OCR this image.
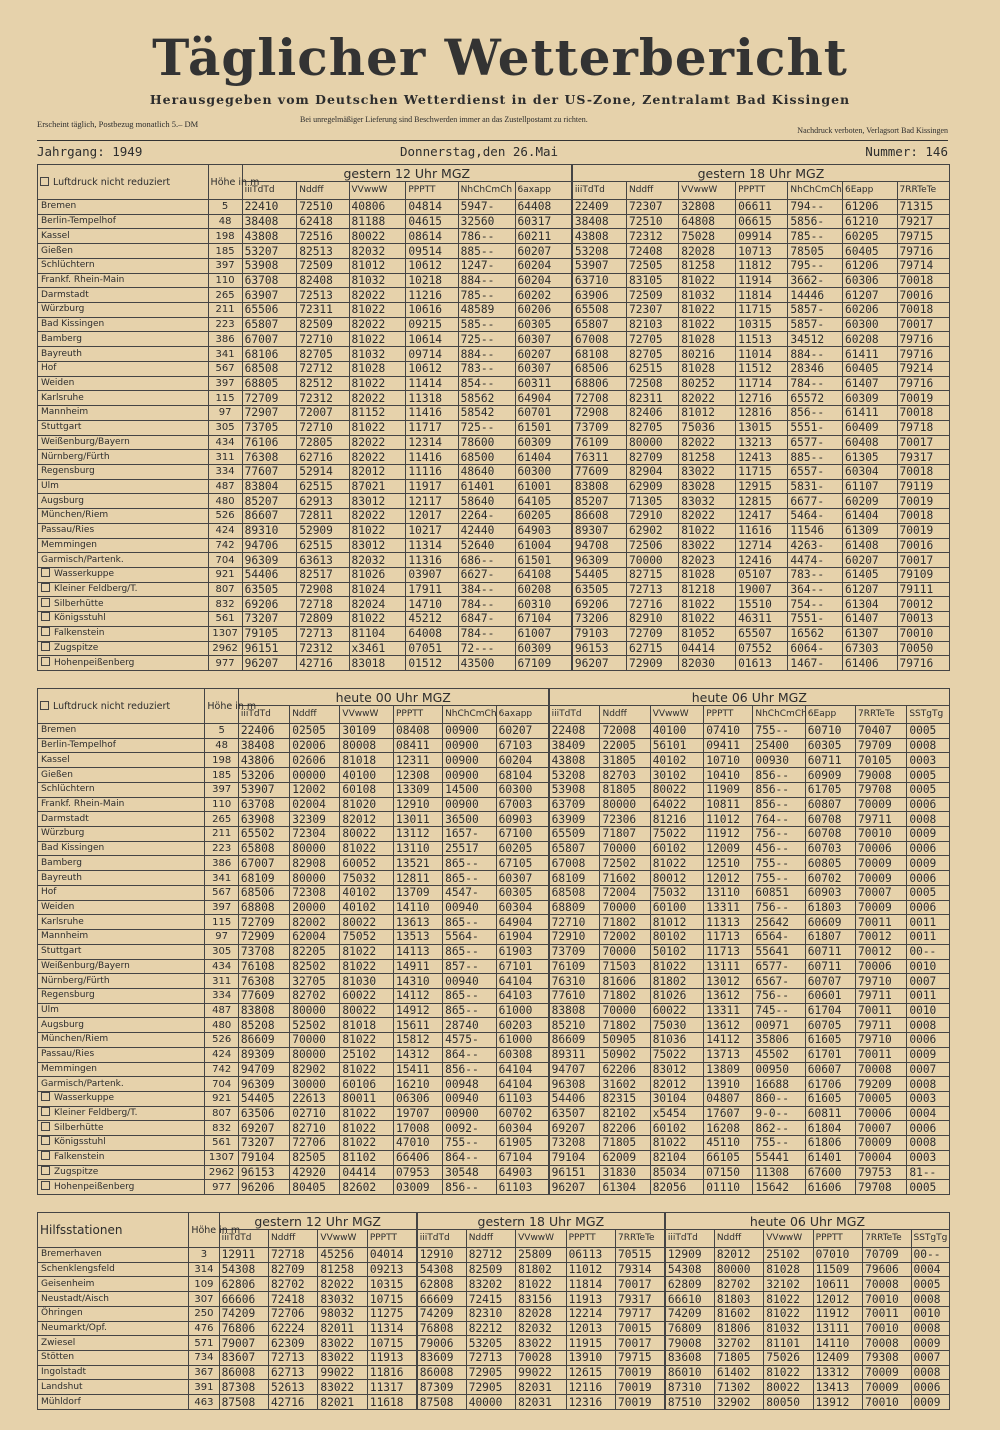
Täglicher Wetterbericht
Herausgegeben vom Deutschen Wetterdienst in der US-Zone, Zentralamt Bad Kissingen
Erscheint täglich, Postbezug monatlich 5.– DM	Bei unregelmäßiger Lieferung sind Beschwerden immer an das Zustellpostamt zu richten.
Nachdruck verboten, Verlagsort Bad Kissingen
Jahrgang: 1949	Donnerstag,den 26.Mai	Nummer: 146
Luftdruck nicht reduziert	Höhe in m	gestern 12 Uhr MGZ						gestern 18 Uhr MGZ						
		iiiTdTd	Nddff	VVwwW	PPPTT	NhChCmCh	6axapp	iiiTdTd	Nddff	VVwwW	PPPTT	NhChCmCh	6Eapp	7RRTeTe
Bremen	5	22410	72510	40806	04814	5947-	64408	22409	72307	32808	06611	794--	61206	71315
Berlin-Tempelhof	48	38408	62418	81188	04615	32560	60317	38408	72510	64808	06615	5856-	61210	79217
Kassel	198	43808	72516	80022	08614	786--	60211	43808	72312	75028	09914	785--	60205	79715
Gießen	185	53207	82513	82032	09514	885--	60207	53208	72408	82028	10713	78505	60405	79716
Schlüchtern	397	53908	72509	81012	10612	1247-	60204	53907	72505	81258	11812	795--	61206	79714
Frankf. Rhein-Main	110	63708	82408	81032	10218	884--	60204	63710	83105	81022	11914	3662-	60306	70018
Darmstadt	265	63907	72513	82022	11216	785--	60202	63906	72509	81032	11814	14446	61207	70016
Würzburg	211	65506	72311	81022	10616	48589	60206	65508	72307	81022	11715	5857-	60206	70018
Bad Kissingen	223	65807	82509	82022	09215	585--	60305	65807	82103	81022	10315	5857-	60300	70017
Bamberg	386	67007	72710	81022	10614	725--	60307	67008	72705	81028	11513	34512	60208	79716
Bayreuth	341	68106	82705	81032	09714	884--	60207	68108	82705	80216	11014	884--	61411	79716
Hof	567	68508	72712	81028	10612	783--	60307	68506	62515	81028	11512	28346	60405	79214
Weiden	397	68805	82512	81022	11414	854--	60311	68806	72508	80252	11714	784--	61407	79716
Karlsruhe	115	72709	72312	82022	11318	58562	64904	72708	82311	82022	12716	65572	60309	70019
Mannheim	97	72907	72007	81152	11416	58542	60701	72908	82406	81012	12816	856--	61411	70018
Stuttgart	305	73705	72710	81022	11717	725--	61501	73709	82705	75036	13015	5551-	60409	79718
Weißenburg/Bayern	434	76106	72805	82022	12314	78600	60309	76109	80000	82022	13213	6577-	60408	70017
Nürnberg/Fürth	311	76308	62716	82022	11416	68500	61404	76311	82709	81258	12413	885--	61305	79317
Regensburg	334	77607	52914	82012	11116	48640	60300	77609	82904	83022	11715	6557-	60304	70018
Ulm	487	83804	62515	87021	11917	61401	61001	83808	62909	83028	12915	5831-	61107	79119
Augsburg	480	85207	62913	83012	12117	58640	64105	85207	71305	83032	12815	6677-	60209	70019
München/Riem	526	86607	72811	82022	12017	2264-	60205	86608	72910	82022	12417	5464-	61404	70018
Passau/Ries	424	89310	52909	81022	10217	42440	64903	89307	62902	81022	11616	11546	61309	70019
Memmingen	742	94706	62515	83012	11314	52640	61004	94708	72506	83022	12714	4263-	61408	70016
Garmisch/Partenk.	704	96309	63613	82032	11316	686--	61501	96309	70000	82023	12416	4474-	60207	70017
Wasserkuppe	921	54406	82517	81026	03907	6627-	64108	54405	82715	81028	05107	783--	61405	79109
Kleiner Feldberg/T.	807	63505	72908	81024	17911	384--	60208	63505	72713	81218	19007	364--	61207	79111
Silberhütte	832	69206	72718	82024	14710	784--	60310	69206	72716	81022	15510	754--	61304	70012
Königsstuhl	561	73207	72809	81022	45212	6847-	67104	73206	82910	81022	46311	7551-	61407	70013
Falkenstein	1307	79105	72713	81104	64008	784--	61007	79103	72709	81052	65507	16562	61307	70010
Zugspitze	2962	96151	72312	x3461	07051	72---	60309	96153	62715	04414	07552	6064-	67303	70050
Hohenpeißenberg	977	96207	42716	83018	01512	43500	67109	96207	72909	82030	01613	1467-	61406	79716
Luftdruck nicht reduziert	Höhe in m	heute 00 Uhr MGZ						heute 06 Uhr MGZ							
		iiiTdTd	Nddff	VVwwW	PPPTT	NhChCmCh	6axapp	iiiTdTd	Nddff	VVwwW	PPPTT	NhChCmCh	6Eapp	7RRTeTe	SSTgTg
Bremen	5	22406	02505	30109	08408	00900	60207	22408	72008	40100	07410	755--	60710	70407	0005
Berlin-Tempelhof	48	38408	02006	80008	08411	00900	67103	38409	22005	56101	09411	25400	60305	79709	0008
Kassel	198	43806	02606	81018	12311	00900	60204	43808	31805	40102	10710	00930	60711	70105	0003
Gießen	185	53206	00000	40100	12308	00900	68104	53208	82703	30102	10410	856--	60909	79008	0005
Schlüchtern	397	53907	12002	60108	13309	14500	60300	53908	81805	80022	11909	856--	61705	79708	0005
Frankf. Rhein-Main	110	63708	02004	81020	12910	00900	67003	63709	80000	64022	10811	856--	60807	70009	0006
Darmstadt	265	63908	32309	82012	13011	36500	60903	63909	72306	81216	11012	764--	60708	79711	0008
Würzburg	211	65502	72304	80022	13112	1657-	67100	65509	71807	75022	11912	756--	60708	70010	0009
Bad Kissingen	223	65808	80000	81022	13110	25517	60205	65807	70000	60102	12009	456--	60703	70006	0006
Bamberg	386	67007	82908	60052	13521	865--	67105	67008	72502	81022	12510	755--	60805	70009	0009
Bayreuth	341	68109	80000	75032	12811	865--	60307	68109	71602	80012	12012	755--	60702	70009	0006
Hof	567	68506	72308	40102	13709	4547-	60305	68508	72004	75032	13110	60851	60903	70007	0005
Weiden	397	68808	20000	40102	14110	00940	60304	68809	70000	60100	13311	756--	61803	70009	0006
Karlsruhe	115	72709	82002	80022	13613	865--	64904	72710	71802	81012	11313	25642	60609	70011	0011
Mannheim	97	72909	62004	75052	13513	5564-	61904	72910	72002	80102	11713	6564-	61807	70012	0011
Stuttgart	305	73708	82205	81022	14113	865--	61903	73709	70000	50102	11713	55641	60711	70012	00--
Weißenburg/Bayern	434	76108	82502	81022	14911	857--	67101	76109	71503	81022	13111	6577-	60711	70006	0010
Nürnberg/Fürth	311	76308	32705	81030	14310	00940	64104	76310	81606	81802	13012	6567-	60707	79710	0007
Regensburg	334	77609	82702	60022	14112	865--	64103	77610	71802	81026	13612	756--	60601	79711	0011
Ulm	487	83808	80000	80022	14912	865--	61000	83808	70000	60022	13311	745--	61704	70011	0010
Augsburg	480	85208	52502	81018	15611	28740	60203	85210	71802	75030	13612	00971	60705	79711	0008
München/Riem	526	86609	70000	81022	15812	4575-	61000	86609	50905	81036	14112	35806	61605	79710	0006
Passau/Ries	424	89309	80000	25102	14312	864--	60308	89311	50902	75022	13713	45502	61701	70011	0009
Memmingen	742	94709	82902	81022	15411	856--	64104	94707	62206	83012	13809	00950	60607	70008	0007
Garmisch/Partenk.	704	96309	30000	60106	16210	00948	64104	96308	31602	82012	13910	16688	61706	79209	0008
Wasserkuppe	921	54405	22613	80011	06306	00940	61103	54406	82315	30104	04807	860--	61605	70005	0003
Kleiner Feldberg/T.	807	63506	02710	81022	19707	00900	60702	63507	82102	x5454	17607	9-0--	60811	70006	0004
Silberhütte	832	69207	82710	81022	17008	0092-	60304	69207	82206	60102	16208	862--	61804	70007	0006
Königsstuhl	561	73207	72706	81022	47010	755--	61905	73208	71805	81022	45110	755--	61806	70009	0008
Falkenstein	1307	79104	82505	81102	66406	864--	67104	79104	62009	82104	66105	55441	61401	70004	0003
Zugspitze	2962	96153	42920	04414	07953	30548	64903	96151	31830	85034	07150	11308	67600	79753	81--
Hohenpeißenberg	977	96206	80405	82602	03009	856--	61103	96207	61304	82056	01110	15642	61606	79708	0005
Hilfsstationen	Höhe in m	gestern 12 Uhr MGZ				gestern 18 Uhr MGZ					heute 06 Uhr MGZ					
		iiiTdTd	Nddff	VVwwW	PPPTT	iiiTdTd	Nddff	VVwwW	PPPTT	7RRTeTe	iiiTdTd	Nddff	VVwwW	PPPTT	7RRTeTe	SSTgTg
Bremerhaven	3	12911	72718	45256	04014	12910	82712	25809	06113	70515	12909	82012	25102	07010	70709	00--
Schenklengsfeld	314	54308	82709	81258	09213	54308	82509	81802	11012	79314	54308	80000	81028	11509	79606	0004
Geisenheim	109	62806	82702	82022	10315	62808	83202	81022	11814	70017	62809	82702	32102	10611	70008	0005
Neustadt/Aisch	307	66606	72418	83032	10715	66609	72415	83156	11913	79317	66610	81803	81022	12012	70010	0008
Öhringen	250	74209	72706	98032	11275	74209	82310	82028	12214	79717	74209	81602	81022	11912	70011	0010
Neumarkt/Opf.	476	76806	62224	82011	11314	76808	82212	82032	12013	70015	76809	81806	81032	13111	70010	0008
Zwiesel	571	79007	62309	83022	10715	79006	53205	83022	11915	70017	79008	32702	81101	14110	70008	0009
Stötten	734	83607	72713	83022	11913	83609	72713	70028	13910	79715	83608	71805	75026	12409	79308	0007
Ingolstadt	367	86008	62713	99022	11816	86008	72905	99022	12615	70019	86010	61402	81022	13312	70009	0008
Landshut	391	87308	52613	83022	11317	87309	72905	82031	12116	70019	87310	71302	80022	13413	70009	0006
Mühldorf	463	87508	42716	82021	11618	87508	40000	82031	12316	70019	87510	32902	80050	13912	70010	0009
